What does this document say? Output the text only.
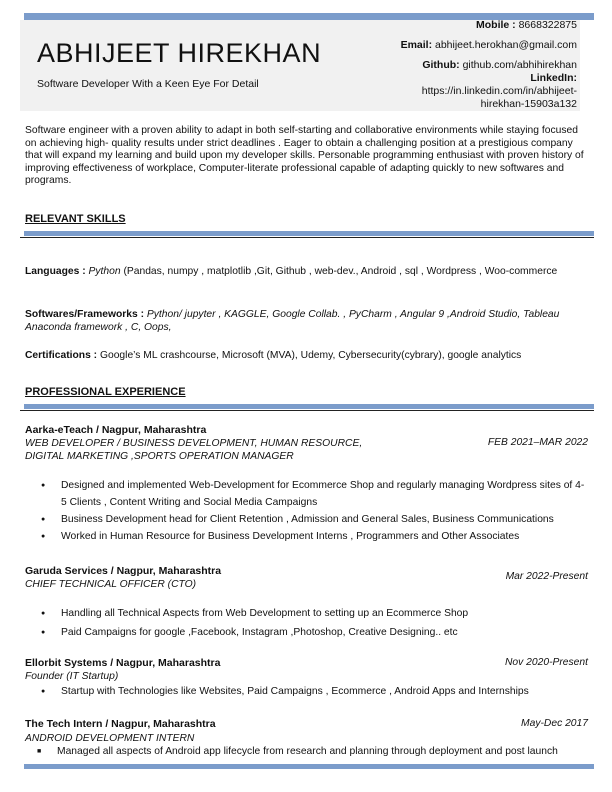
ABHIJEET HIREKHAN
Software Developer With a Keen Eye For Detail
Mobile : 8668322875
Email: abhijeet.herokhan@gmail.com
Github: github.com/abhihirekhan
LinkedIn:
https://in.linkedin.com/in/abhijeet-hirekhan-15903a132
Software engineer with a proven ability to adapt in both self-starting and collaborative environments while staying focused on achieving high- quality results under strict deadlines . Eager to obtain a challenging position at a prestigious company that will expand my learning and build upon my developer skills. Personable programming enthusiast with proven history of improving effectiveness of workplace, Computer-literate professional capable of adapting quickly to new softwares and programs.
RELEVANT SKILLS
Languages : Python (Pandas, numpy , matplotlib ,Git, Github , web-dev., Android , sql , Wordpress , Woo-commerce
Softwares/Frameworks : Python/ jupyter , KAGGLE, Google Collab. , PyCharm , Angular 9 ,Android Studio, Tableau Anaconda framework , C, Oops,
Certifications : Google’s ML crashcourse, Microsoft (MVA), Udemy, Cybersecurity(cybrary), google analytics
PROFESSIONAL EXPERIENCE
Aarka-eTeach / Nagpur, Maharashtra
WEB DEVELOPER / BUSINESS DEVELOPMENT, HUMAN RESOURCE, DIGITAL MARKETING ,SPORTS OPERATION MANAGER
FEB 2021–MAR 2022
● Designed and implemented Web-Development for Ecommerce Shop and regularly managing Wordpress sites of 4-5 Clients , Content Writing and Social Media Campaigns
● Business Development head for Client Retention , Admission and General Sales, Business Communications
● Worked in Human Resource for Business Development Interns , Programmers and Other Associates
Garuda Services / Nagpur, Maharashtra
CHIEF TECHNICAL OFFICER (CTO)
Mar 2022-Present
● Handling all Technical Aspects from Web Development to setting up an Ecommerce Shop
● Paid Campaigns for google ,Facebook, Instagram ,Photoshop, Creative Designing.. etc
Ellorbit Systems / Nagpur, Maharashtra
Founder (IT Startup)
Nov 2020-Present
● Startup with Technologies like Websites, Paid Campaigns , Ecommerce , Android Apps and Internships
The Tech Intern / Nagpur, Maharashtra
ANDROID DEVELOPMENT INTERN
May-Dec 2017
■ Managed all aspects of Android app lifecycle from research and planning through deployment and post launch
